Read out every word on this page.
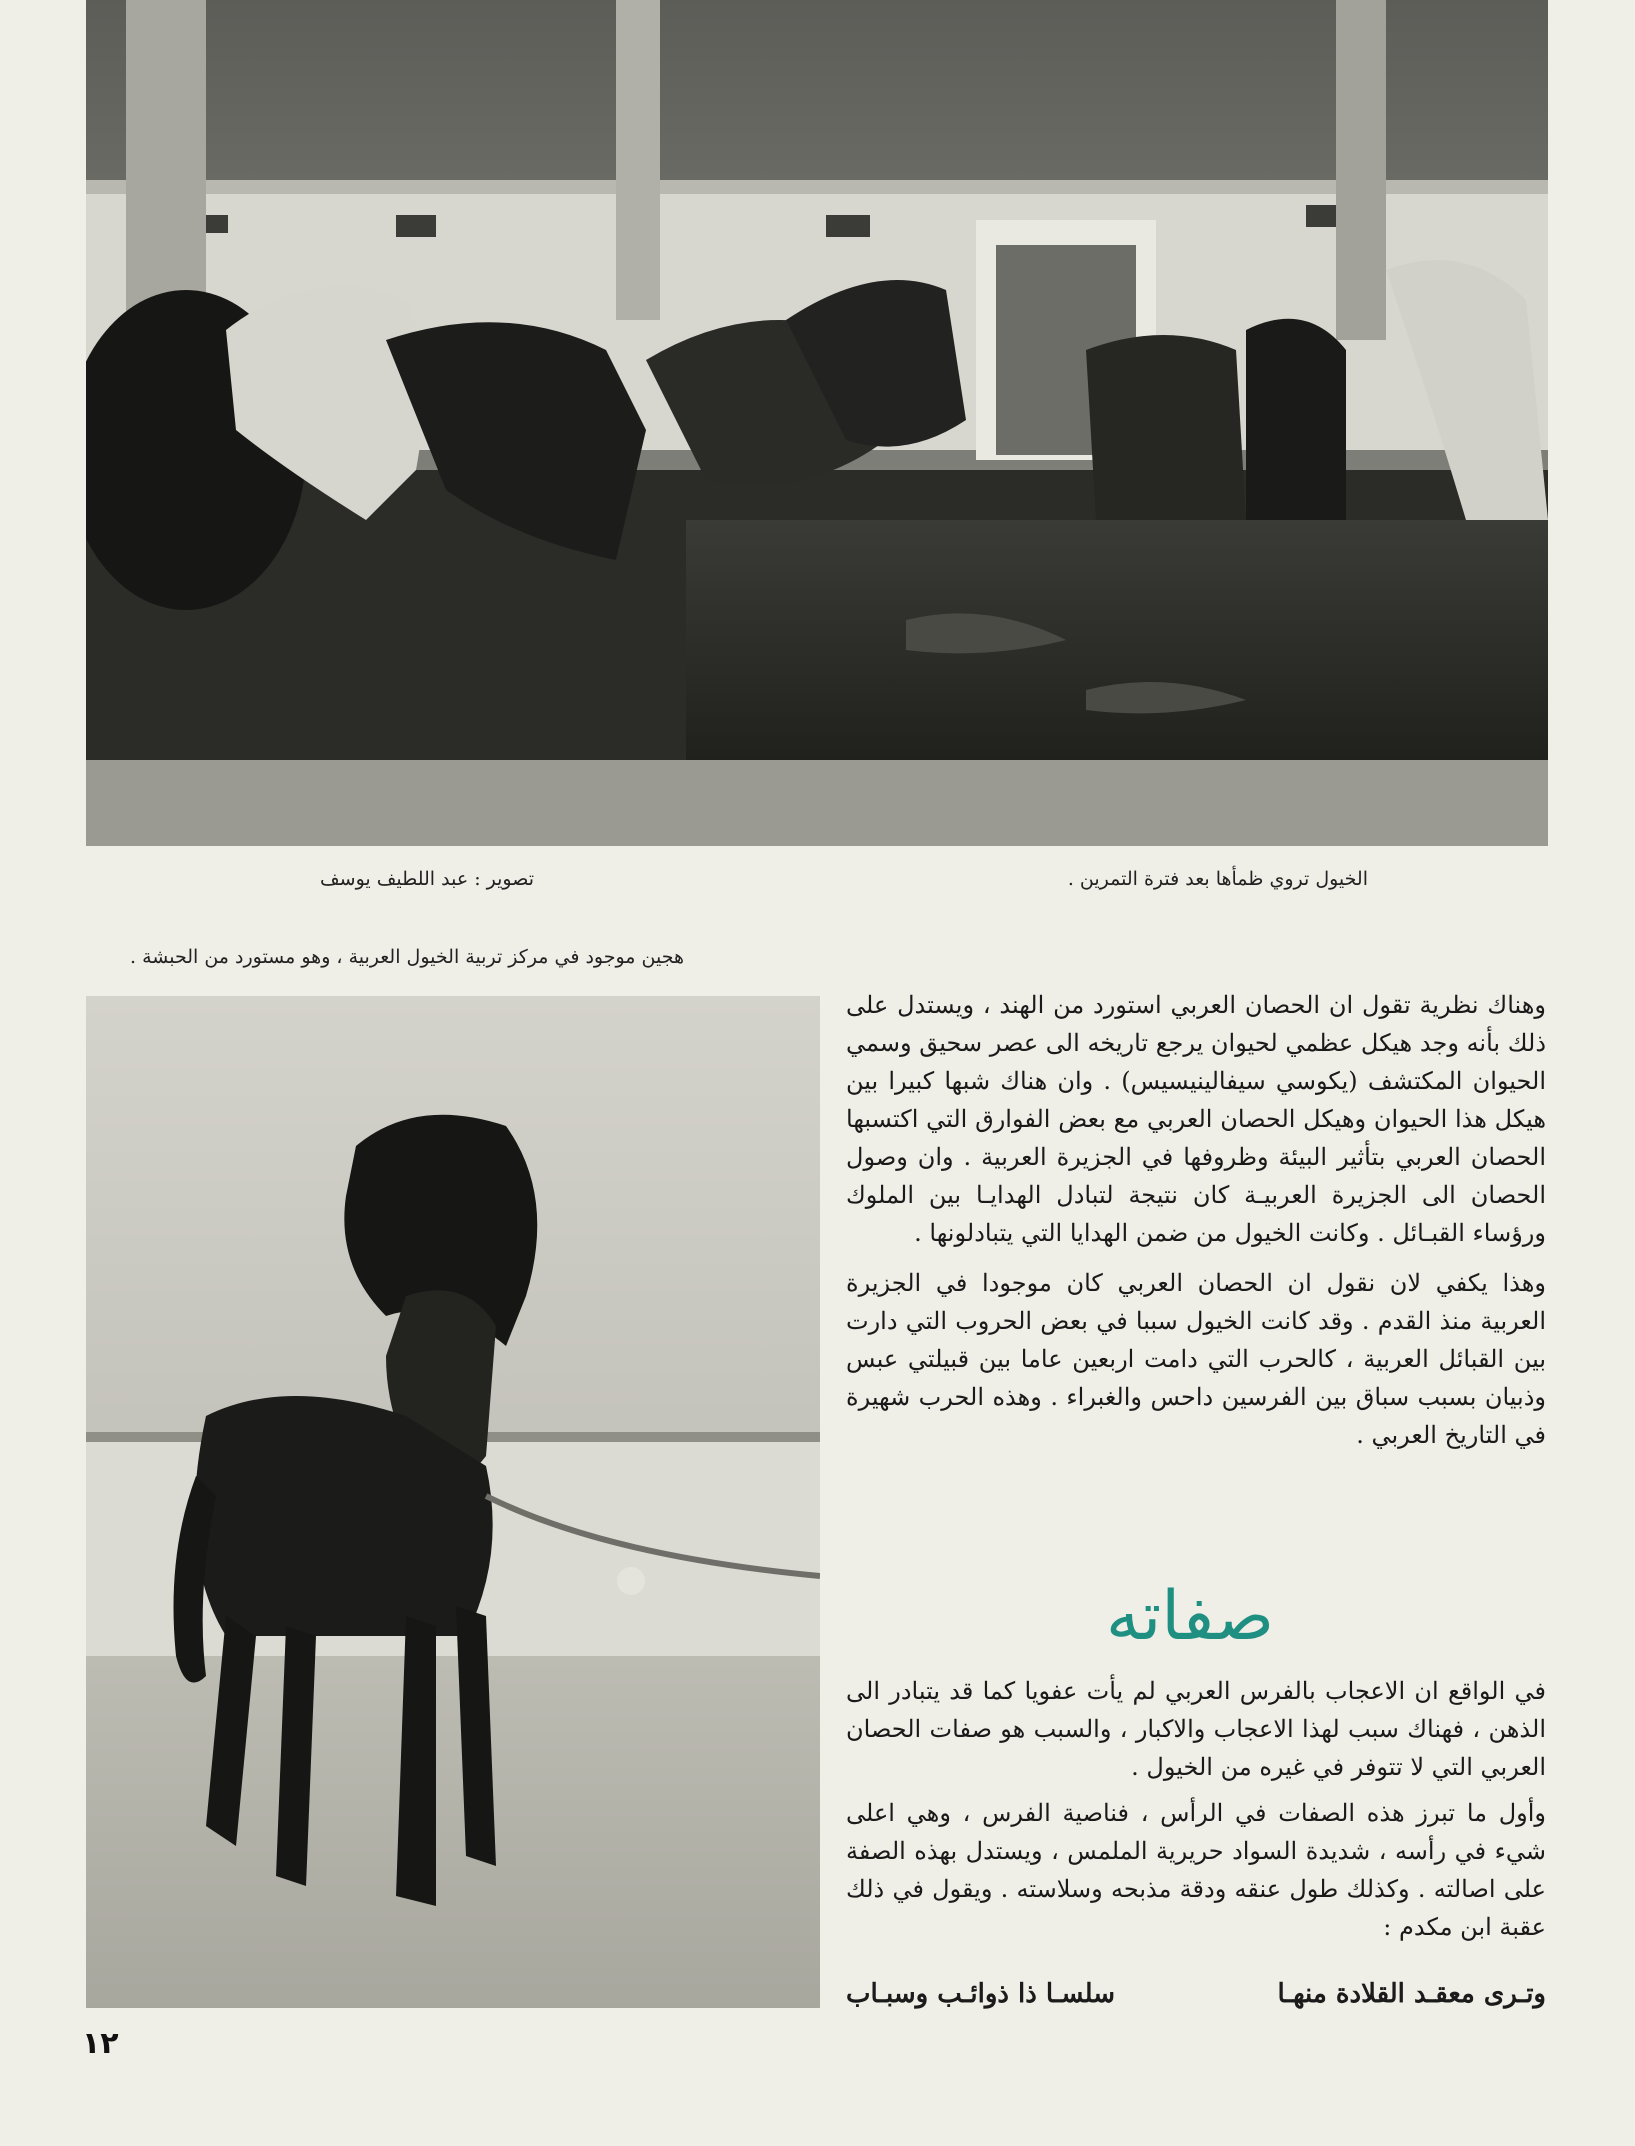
الخيول تروي ظمأها بعد فترة التمرين .
تصوير : عبد اللطيف يوسف
هجين موجود في مركز تربية الخيول العربية ، وهو مستورد من الحبشة .

وهناك نظرية تقول ان الحصان العربي استورد من الهند ، ويستدل على ذلك بأنه وجد هيكل عظمي لحيوان يرجع تاريخه الى عصر سحيق وسمي الحيوان المكتشف (يكوسي سيفالينيسيس) . وان هناك شبها كبيرا بين هيكل هذا الحيوان وهيكل الحصان العربي مع بعض الفوارق التي اكتسبها الحصان العربي بتأثير البيئة وظروفها في الجزيرة العربية . وان وصول الحصان الى الجزيرة العربيـة كان نتيجة لتبادل الهدايـا بين الملوك ورؤساء القبـائل . وكانت الخيول من ضمن الهدايا التي يتبادلونها .

وهذا يكفي لان نقول ان الحصان العربي كان موجودا في الجزيرة العربية منذ القدم . وقد كانت الخيول سببا في بعض الحروب التي دارت بين القبائل العربية ، كالحرب التي دامت اربعين عاما بين قبيلتي عبس وذبيان بسبب سباق بين الفرسين داحس والغبراء . وهذه الحرب شهيرة في التاريخ العربي .

صفاته

في الواقع ان الاعجاب بالفرس العربي لم يأت عفويا كما قد يتبادر الى الذهن ، فهناك سبب لهذا الاعجاب والاكبار ، والسبب هو صفات الحصان العربي التي لا تتوفر في غيره من الخيول .

وأول ما تبرز هذه الصفات في الرأس ، فناصية الفرس ، وهي اعلى شيء في رأسه ، شديدة السواد حريرية الملمس ، ويستدل بهذه الصفة على اصالته . وكذلك طول عنقه ودقة مذبحه وسلاسته . ويقول في ذلك عقبة ابن مكدم :

وتـرى معقـد القلادة منهـا
سلسـا ذا ذوائـب وسبـاب
١٢
